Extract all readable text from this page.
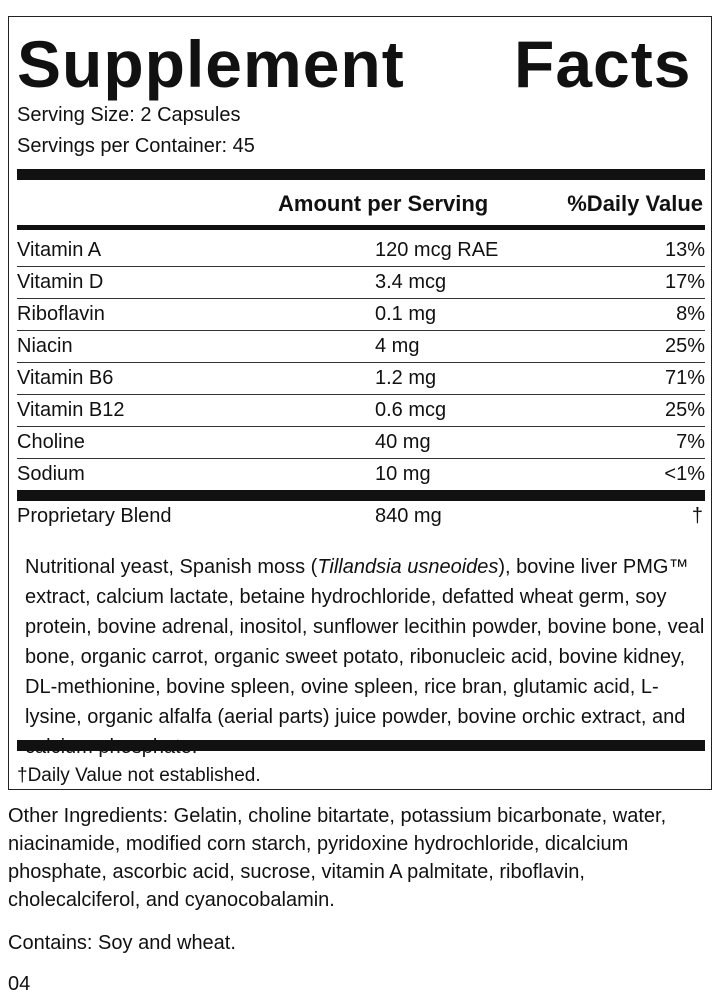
Supplement Facts
Serving Size: 2 Capsules
Servings per Container: 45
Amount per Serving	%Daily Value
Vitamin A	120 mcg RAE	13%
Vitamin D	3.4 mcg	17%
Riboflavin	0.1 mg	8%
Niacin	4 mg	25%
Vitamin B6	1.2 mg	71%
Vitamin B12	0.6 mcg	25%
Choline	40 mg	7%
Sodium	10 mg	<1%
Proprietary Blend	840 mg	†

Nutritional yeast, Spanish moss (Tillandsia usneoides), bovine liver PMG™ extract, calcium lactate, betaine hydrochloride, defatted wheat germ, soy protein, bovine adrenal, inositol, sunflower lecithin powder, bovine bone, veal bone, organic carrot, organic sweet potato, ribonucleic acid, bovine kidney, DL-methionine, bovine spleen, ovine spleen, rice bran, glutamic acid, L-lysine, organic alfalfa (aerial parts) juice powder, bovine orchic extract, and

†Daily Value not established.

Other Ingredients: Gelatin, choline bitartate, potassium bicarbonate, water, niacinamide, modified corn starch, pyridoxine hydrochloride, dicalcium phosphate, ascorbic acid, sucrose, vitamin A palmitate, riboflavin, cholecalciferol, and cyanocobalamin.

Contains: Soy and wheat.

04
